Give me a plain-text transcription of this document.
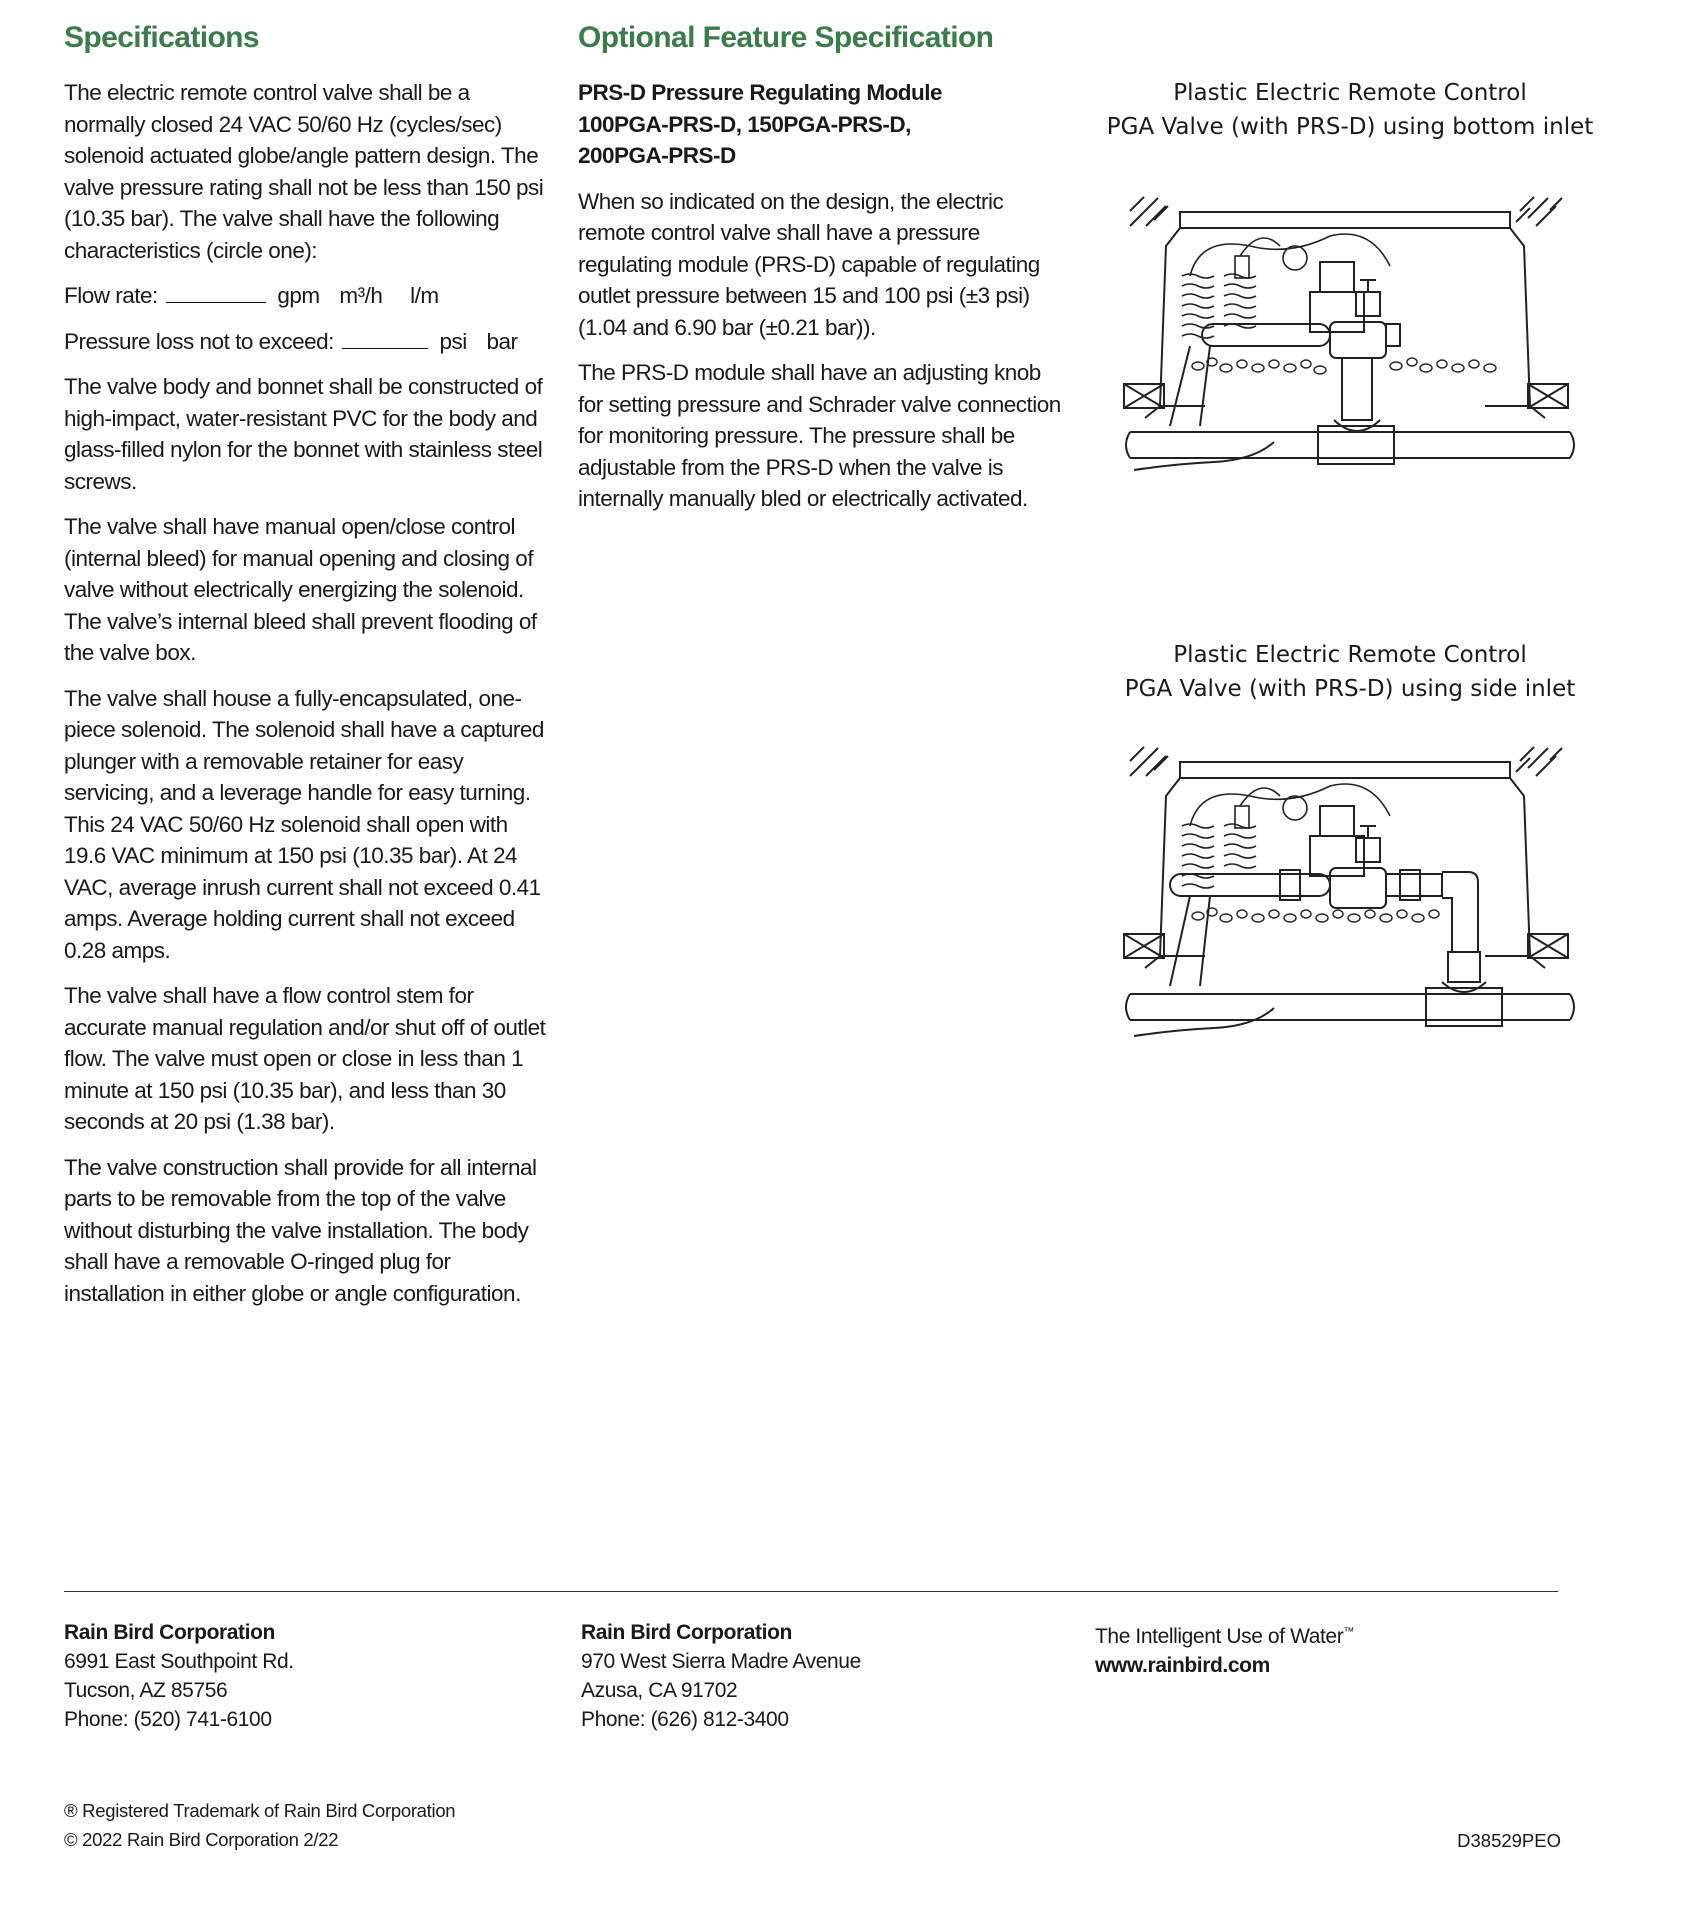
Specifications

The electric remote control valve shall be a normally closed 24 VAC 50/60 Hz (cycles/sec) solenoid actuated globe/angle pattern design. The valve pressure rating shall not be less than 150 psi (10.35 bar). The valve shall have the following characteristics (circle one):

Flow rate:	gpm m³/h l/m
Pressure loss not to exceed:	psi bar

The valve body and bonnet shall be constructed of high-impact, water-resistant PVC for the body and glass-filled nylon for the bonnet with stainless steel screws.

The valve shall have manual open/close control (internal bleed) for manual opening and closing of valve without electrically energizing the solenoid. The valve’s internal bleed shall prevent flooding of the valve box.

The valve shall house a fully-encapsulated, one-piece solenoid. The solenoid shall have a captured plunger with a removable retainer for easy servicing, and a leverage handle for easy turning. This 24 VAC 50/60 Hz solenoid shall open with 19.6 VAC minimum at 150 psi (10.35 bar). At 24 VAC, average inrush current shall not exceed 0.41 amps. Average holding current shall not exceed 0.28 amps.

The valve shall have a flow control stem for accurate manual regulation and/or shut off of outlet flow. The valve must open or close in less than 1 minute at 150 psi (10.35 bar), and less than 30 seconds at 20 psi (1.38 bar).

The valve construction shall provide for all internal parts to be removable from the top of the valve without disturbing the valve installation. The body shall have a removable O-ringed plug for installation in either globe or angle configuration.

Optional Feature Specification
PRS-D Pressure Regulating Module
100PGA-PRS-D, 150PGA-PRS-D,
200PGA-PRS-D

When so indicated on the design, the electric remote control valve shall have a pressure regulating module (PRS-D) capable of regulating outlet pressure between 15 and 100 psi (±3 psi) (1.04 and 6.90 bar (±0.21 bar)).

The PRS-D module shall have an adjusting knob for setting pressure and Schrader valve connection for monitoring pressure. The pressure shall be adjustable from the PRS-D when the valve is internally manually bled or electrically activated.

Plastic Electric Remote Control
PGA Valve (with PRS-D) using bottom inlet
Plastic Electric Remote Control
PGA Valve (with PRS-D) using side inlet
Rain Bird Corporation
6991 East Southpoint Rd.
Tucson, AZ 85756
Phone: (520) 741-6100
Rain Bird Corporation
970 West Sierra Madre Avenue
Azusa, CA 91702
Phone: (626) 812-3400
The Intelligent Use of Water™
www.rainbird.com
® Registered Trademark of Rain Bird Corporation
© 2022 Rain Bird Corporation 2/22	D38529PEO
